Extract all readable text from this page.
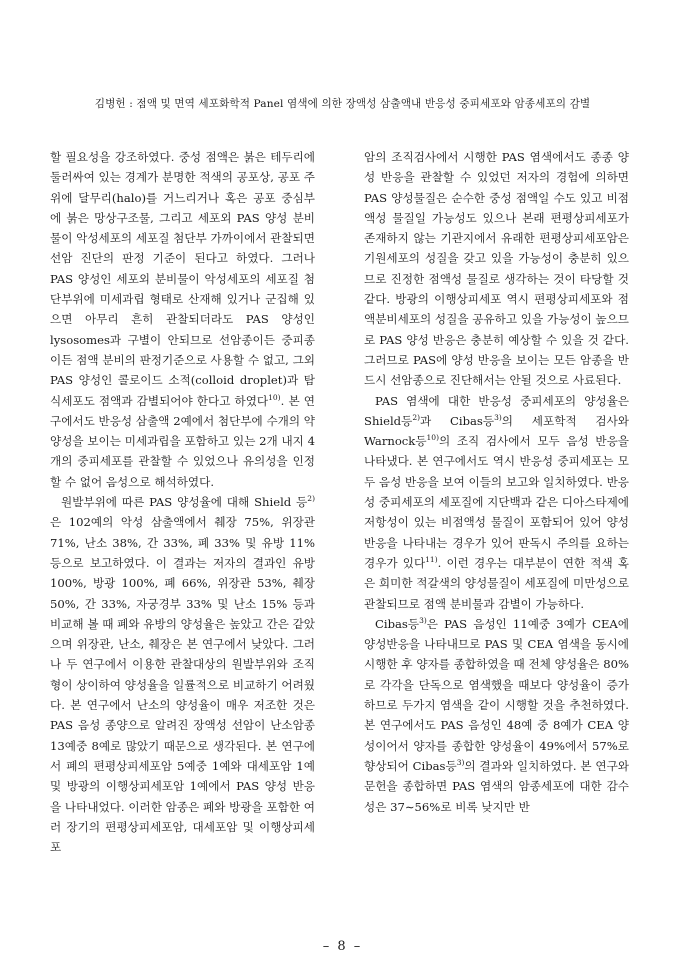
김병헌 : 점액 및 면역 세포화학적 Panel 염색에 의한 장액성 삼출액내 반응성 중피세포와 암종세포의 감별

할 필요성을 강조하였다. 중성 점액은 붉은 테두리에 둘러싸여 있는 경계가 분명한 적색의 공포상, 공포 주위에 달무리(halo)를 거느리거나 혹은 공포 중심부에 붉은 망상구조물, 그리고 세포외 PAS 양성 분비물이 악성세포의 세포질 첨단부 가까이에서 관찰되면 선암 진단의 판정 기준이 된다고 하였다. 그러나 PAS 양성인 세포외 분비물이 악성세포의 세포질 첨단부위에 미세과립 형태로 산재해 있거나 군집해 있으면 아무리 흔히 관찰되더라도 PAS 양성인 lysosomes과 구별이 안되므로 선암종이든 중피종이든 점액 분비의 판정기준으로 사용할 수 없고, 그외 PAS 양성인 콜로이드 소적(colloid droplet)과 탐식세포도 점액과 감별되어야 한다고 하였다$^{10)}$. 본 연구에서도 반응성 삼출액 2예에서 첨단부에 수개의 약양성을 보이는 미세과립을 포함하고 있는 2개 내지 4개의 중피세포를 관찰할 수 있었으나 유의성을 인정할 수 없어 음성으로 해석하였다.

원발부위에 따른 PAS 양성율에 대해 Shield 등$^{2)}$은 102예의 악성 삼출액에서 췌장 75%, 위장관 71%, 난소 38%, 간 33%, 폐 33% 및 유방 11% 등으로 보고하였다. 이 결과는 저자의 결과인 유방 100%, 방광 100%, 폐 66%, 위장관 53%, 췌장 50%, 간 33%, 자궁경부 33% 및 난소 15% 등과 비교해 볼 때 폐와 유방의 양성율은 높았고 간은 같았으며 위장관, 난소, 췌장은 본 연구에서 낮았다. 그러나 두 연구에서 이용한 관찰대상의 원발부위와 조직형이 상이하여 양성율을 일률적으로 비교하기 어려웠다. 본 연구에서 난소의 양성율이 매우 저조한 것은 PAS 음성 종양으로 알려진 장액성 선암이 난소암종 13예중 8예로 많았기 때문으로 생각된다. 본 연구에서 폐의 편평상피세포암 5예중 1예와 대세포암 1예 및 방광의 이행상피세포암 1예에서 PAS 양성 반응을 나타내었다. 이러한 암종은 폐와 방광을 포함한 여러 장기의 편평상피세포암, 대세포암 및 이행상피세포

암의 조직검사에서 시행한 PAS 염색에서도 종종 양성 반응을 관찰할 수 있었던 저자의 경험에 의하면 PAS 양성물질은 순수한 중성 점액일 수도 있고 비점액성 물질일 가능성도 있으나 본래 편평상피세포가 존재하지 않는 기관지에서 유래한 편평상피세포암은 기원세포의 성질을 갖고 있을 가능성이 충분히 있으므로 진정한 점액성 물질로 생각하는 것이 타당할 것 같다. 방광의 이행상피세포 역시 편평상피세포와 점액분비세포의 성질을 공유하고 있을 가능성이 높으므로 PAS 양성 반응은 충분히 예상할 수 있을 것 같다. 그러므로 PAS에 양성 반응을 보이는 모든 암종을 반드시 선암종으로 진단해서는 안될 것으로 사료된다.

PAS 염색에 대한 반응성 중피세포의 양성율은 Shield등$^{2)}$과 Cibas등$^{3)}$의 세포학적 검사와 Warnock등$^{10)}$의 조직 검사에서 모두 음성 반응을 나타냈다. 본 연구에서도 역시 반응성 중피세포는 모두 음성 반응을 보여 이들의 보고와 일치하였다. 반응성 중피세포의 세포질에 지단백과 같은 디아스타제에 저항성이 있는 비점액성 물질이 포함되어 있어 양성 반응을 나타내는 경우가 있어 판독시 주의를 요하는 경우가 있다$^{11)}$. 이런 경우는 대부분이 연한 적색 혹은 희미한 적갈색의 양성물질이 세포질에 미만성으로 관찰되므로 점액 분비물과 감별이 가능하다.

Cibas등$^{3)}$은 PAS 음성인 11예중 3예가 CEA에 양성반응을 나타내므로 PAS 및 CEA 염색을 동시에 시행한 후 양자를 종합하였을 때 전체 양성율은 80%로 각각을 단독으로 염색했을 때보다 양성율이 증가하므로 두가지 염색을 같이 시행할 것을 추천하였다. 본 연구에서도 PAS 음성인 48예 중 8예가 CEA 양성이어서 양자를 종합한 양성율이 49%에서 57%로 향상되어 Cibas등$^{3)}$의 결과와 일치하였다. 본 연구와 문헌을 종합하면 PAS 염색의 암종세포에 대한 감수성은 37∼56%로 비록 낮지만 반

– 8 –
